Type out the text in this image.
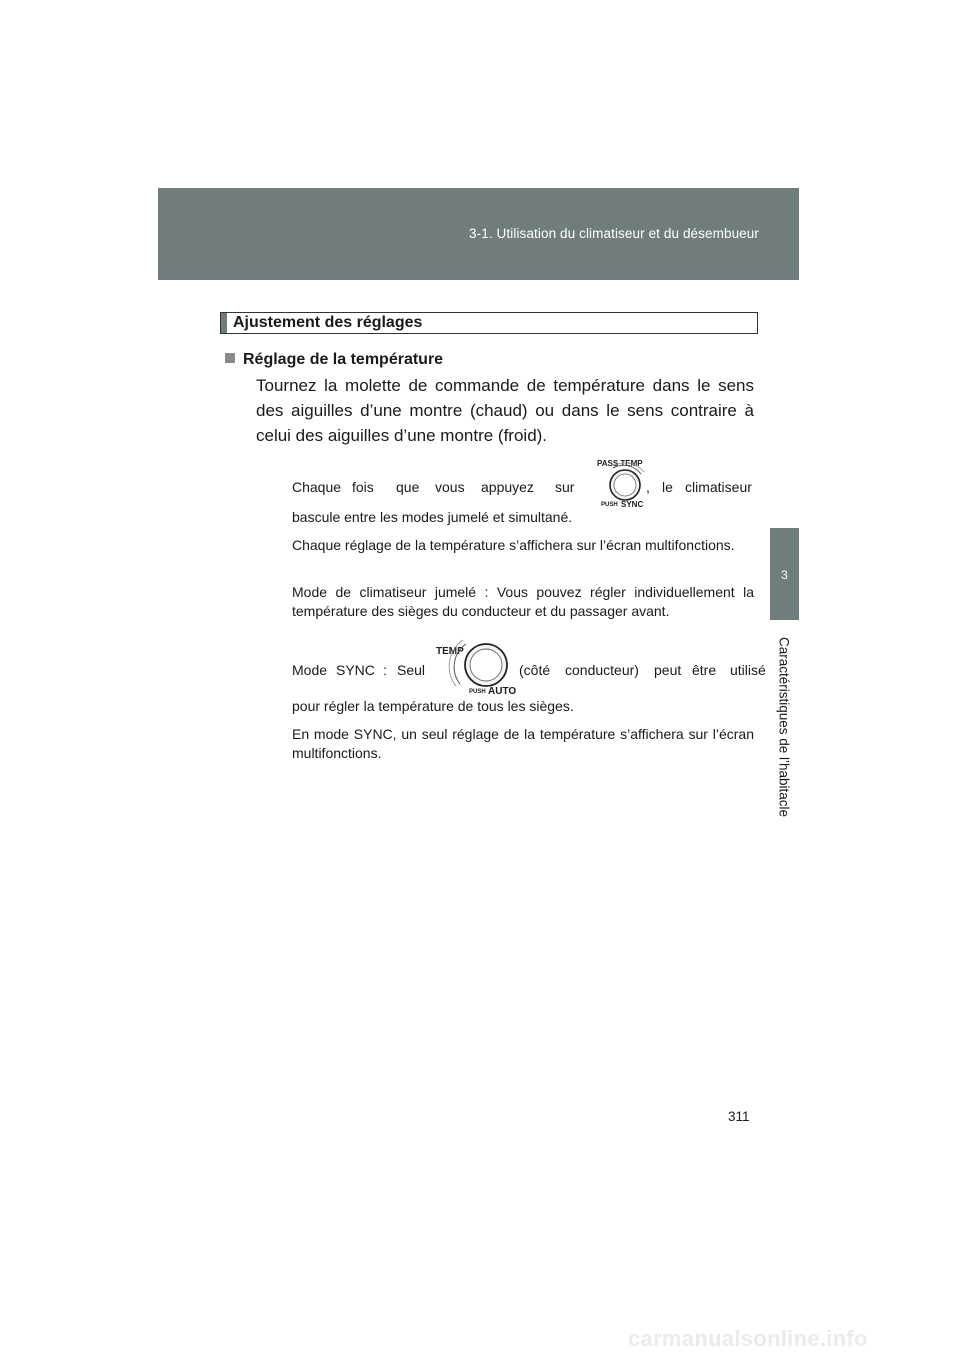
3-1. Utilisation du climatiseur et du désembueur
3
Caractéristiques de l’habitacle
Ajustement des réglages
Réglage de la température
Tournez la molette de commande de température dans le sens des aiguilles d’une montre (chaud) ou dans le sens contraire à celui des aiguilles d’une montre (froid).
Chaque fois que vous appuyez sur	, le climatiseur
PASS TEMP
PUSH SYNC
bascule entre les modes jumelé et simultané.
Chaque réglage de la température s’affichera sur l’écran multifonctions.
Mode de climatiseur jumelé : Vous pouvez régler individuellement la température des sièges du conducteur et du passager avant.
Mode SYNC : Seul	(côté conducteur) peut être utilisé
TEMP
PUSH AUTO
pour régler la température de tous les sièges.
En mode SYNC, un seul réglage de la température s’affichera sur l’écran multifonctions.
311
carmanualsonline.info
